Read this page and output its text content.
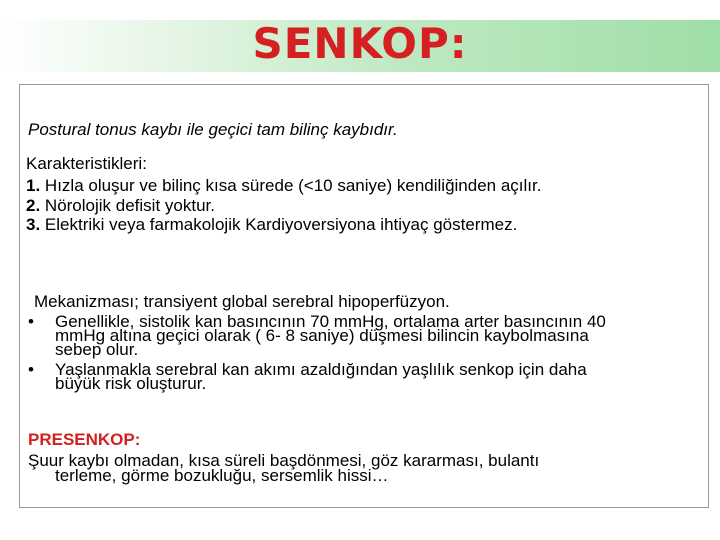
SENKOP:
Postural tonus kaybı ile geçici tam bilinç kaybıdır.
Karakteristikleri:
1. Hızla oluşur ve bilinç kısa sürede (<10 saniye) kendiliğinden açılır.
2. Nörolojik defisit yoktur.
3. Elektriki veya farmakolojik Kardiyoversiyona ihtiyaç göstermez.
Mekanizması; transiyent global serebral hipoperfüzyon.
• Genellikle, sistolik kan basıncının 70 mmHg, ortalama arter basıncının 40
mmHg altına geçici olarak ( 6- 8 saniye) düşmesi bilincin kaybolmasına
sebep olur.
• Yaşlanmakla serebral kan akımı azaldığından yaşlılık senkop için daha
büyük risk oluşturur.
PRESENKOP:
Şuur kaybı olmadan, kısa süreli başdönmesi, göz kararması, bulantı
terleme, görme bozukluğu, sersemlik hissi…
